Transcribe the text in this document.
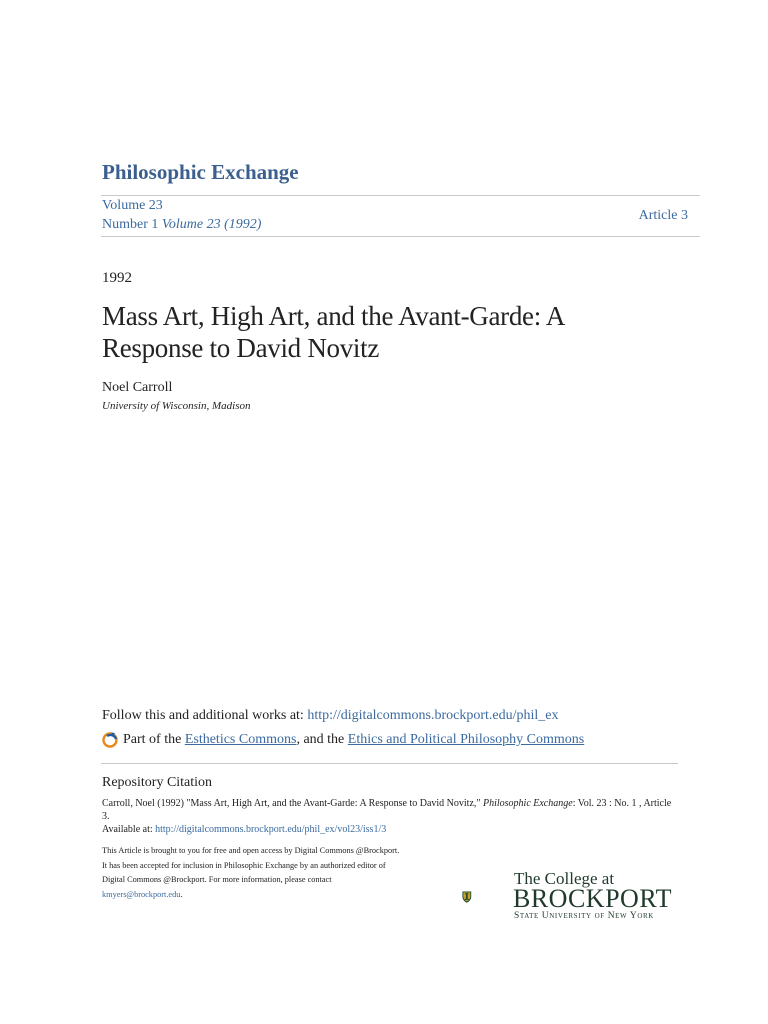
Philosophic Exchange
Volume 23
Number 1 Volume 23 (1992)
Article 3
1992
Mass Art, High Art, and the Avant-Garde: A Response to David Novitz
Noel Carroll
University of Wisconsin, Madison
Follow this and additional works at: http://digitalcommons.brockport.edu/phil_ex
Part of the
Esthetics Commons , and the
Ethics and Political Philosophy Commons
Repository Citation
Carroll, Noel (1992) "Mass Art, High Art, and the Avant-Garde: A Response to David Novitz," Philosophic Exchange: Vol. 23 : No. 1 , Article 3.
Available at: http://digitalcommons.brockport.edu/phil_ex/vol23/iss1/3
This Article is brought to you for free and open access by Digital Commons @Brockport. It has been accepted for inclusion in Philosophic Exchange by an authorized editor of Digital Commons @Brockport. For more information, please contact kmyers@brockport.edu.
The College at
BROCKPORT
State University of New York
